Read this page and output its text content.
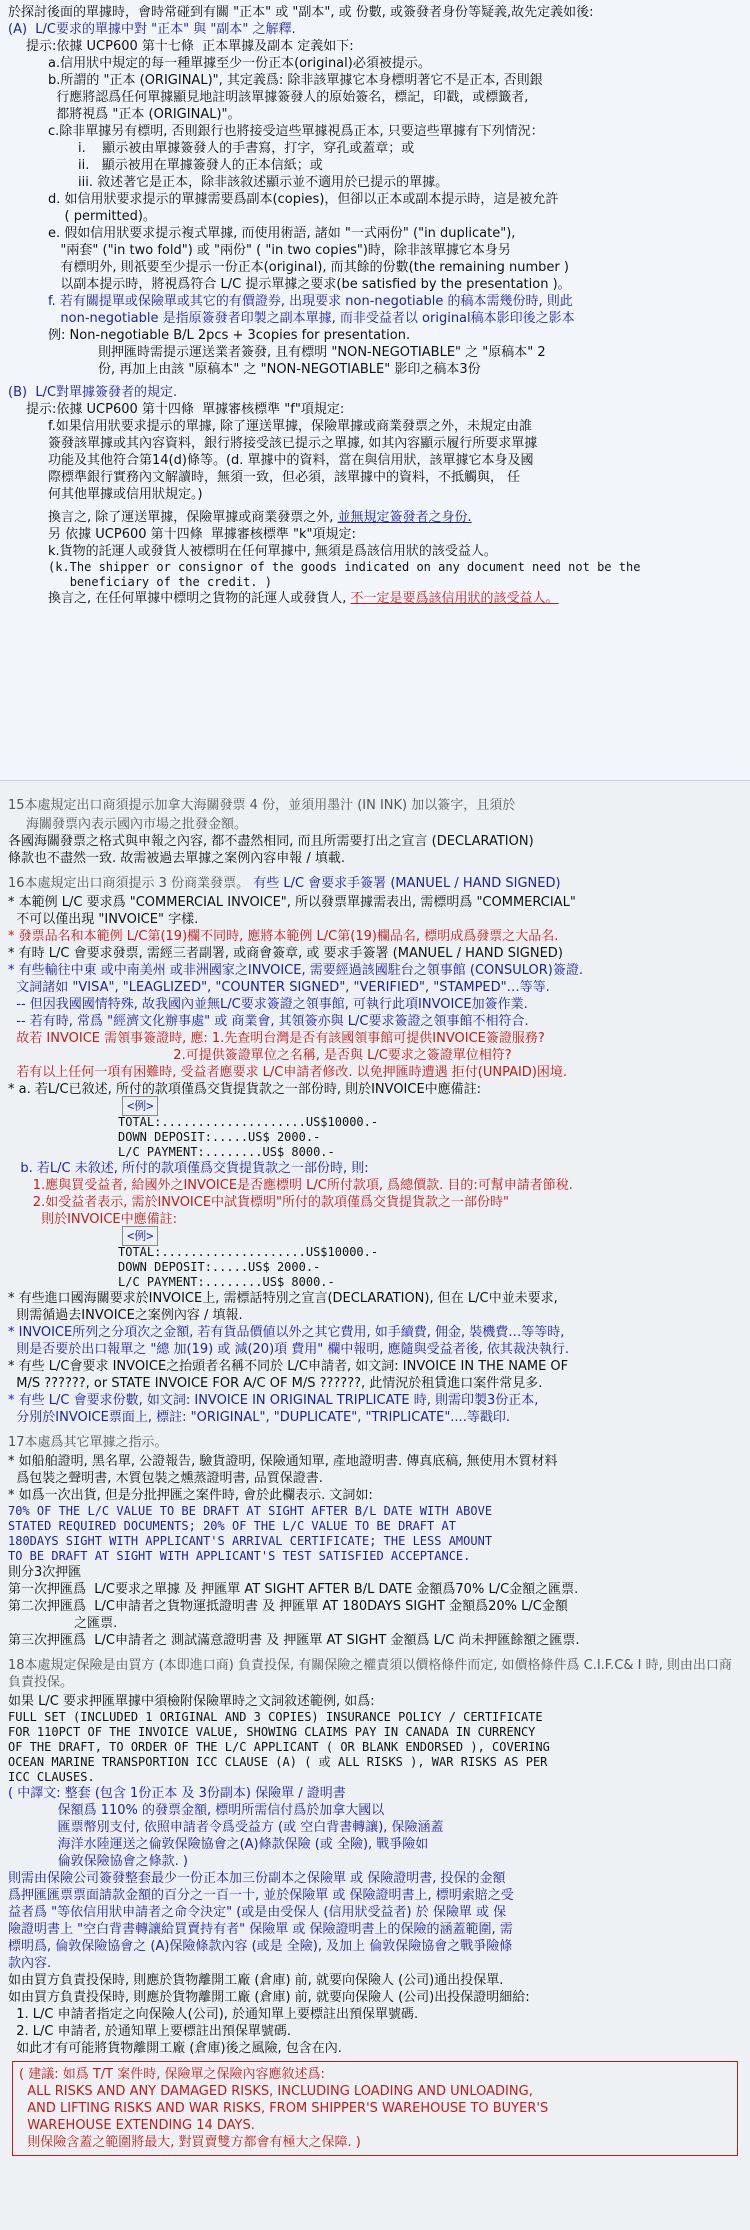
於探討後面的單據時，會時常碰到有關 "正本" 或 "副本", 或 份數, 或簽發者身份等疑義,故先定義如後:

(A)  L/C要求的單據中對 "正本" 與 "副本" 之解釋.

提示:依據 UCP600 第十七條  正本單據及副本 定義如下:

a.信用狀中規定的每一種單據至少一份正本(original)必須被提示。

b.所謂的 "正本 (ORIGINAL)", 其定義爲: 除非該單據它本身標明著它不是正本, 否則銀
行應將認爲任何單據顯見地註明該單據簽發人的原始簽名，標記，印戳，或標籤者,
都將視爲 "正本 (ORIGINAL)"。

c.除非單據另有標明, 否則銀行也將接受這些單據視爲正本, 只要這些單據有下列情況：

i.    顯示被由單據簽發人的手書寫，打字，穿孔或蓋章；或

ii.   顯示被用在單據簽發人的正本信紙；或

iii. 敘述著它是正本，除非該敘述顯示並不適用於已提示的單據。

d. 如信用狀要求提示的單據需要爲副本(copies)，但卻以正本或副本提示時，這是被允許
( permitted)。

e. 假如信用狀要求提示複式單據, 而使用術語, 諸如 "一式兩份" ("in duplicate"),
"兩套" ("in two fold") 或 "兩份" ( "in two copies")時，除非該單據它本身另
有標明外, 則祇要至少提示一份正本(original), 而其餘的份數(the remaining number )
以副本提示時，將視爲符合 L/C 提示單據之要求(be satisfied by the presentation )。

f. 若有關提單或保險單或其它的有價證券, 出現要求 non-negotiable 的稿本需幾份時, 則此
non-negotiable 是指原簽發者印製之副本單據, 而非受益者以 original稿本影印後之影本

例: Non-negotiable B/L 2pcs + 3copies for presentation.

則押匯時需提示運送業者簽發, 且有標明 "NON-NEGOTIABLE" 之 "原稿本" 2
份, 再加上由該 "原稿本" 之 "NON-NEGOTIABLE" 影印之稿本3份

(B)  L/C對單據簽發者的規定.

提示:依據 UCP600 第十四條  單據審核標準 "f"項規定:

f.如果信用狀要求提示的單據, 除了運送單據，保險單據或商業發票之外，未規定由誰
簽發該單據或其內容資料，銀行將接受該已提示之單據, 如其內容顯示履行所要求單據
功能及其他符合第14(d)條等。(d. 單據中的資料，當在與信用狀，該單據它本身及國
際標準銀行實務內文解讀時，無須一致，但必須，該單據中的資料，不抵觸與， 任
何其他單據或信用狀規定。)

換言之, 除了運送單據，保險單據或商業發票之外, 並無規定簽發者之身份.

另 依據 UCP600 第十四條  單據審核標準 "k"項規定:

k.貨物的託運人或發貨人被標明在任何單據中, 無須是爲該信用狀的該受益人。

(k.The shipper or consignor of the goods indicated on any document need not be the
beneficiary of the credit. )

換言之, 在任何單據中標明之貨物的託運人或發貨人, 不一定是要爲該信用狀的該受益人。

15本處規定出口商須提示加拿大海關發票 4 份，並須用墨汁 (IN INK) 加以簽字，且須於

海關發票內表示國內市場之批發金額。

各國海關發票之格式與申報之內容, 都不盡然相同, 而且所需要打出之宣言 (DECLARATION)
條款也不盡然一致. 故需被過去單據之案例內容申報 / 填載.

16本處規定出口商須提示 3 份商業發票。 有些 L/C 會要求手簽署 (MANUEL / HAND SIGNED)

* 本範例 L/C 要求爲 "COMMERCIAL INVOICE", 所以發票單據需表出, 需標明爲 "COMMERCIAL"
不可以僅出現 "INVOICE" 字樣.

* 發票品名和本範例 L/C第(19)欄不同時, 應將本範例 L/C第(19)欄品名, 標明成爲發票之大品名.

* 有時 L/C 會要求發票, 需經三者副署, 或商會簽章, 或 要求手簽署 (MANUEL / HAND SIGNED)

* 有些輸往中東 或中南美州 或非洲國家之INVOICE, 需要經過該國駐台之領事館 (CONSULOR)簽證.
文詞諸如 "VISA", "LEAGLIZED", "COUNTER SIGNED", "VERIFIED", "STAMPED"…等等.
-- 但因我國國情特殊, 故我國內並無L/C要求簽證之領事館, 可執行此項INVOICE加簽作業.
-- 若有時, 常爲 "經濟文化辦事處" 或 商業會, 其領簽亦與 L/C要求簽證之領事館不相符合.

故若 INVOICE 需領事簽證時, 應: 1.先查明台灣是否有該國領事館可提供INVOICE簽證服務?
2.可提供簽證單位之名稱, 是否與 L/C要求之簽證單位相符?
若有以上任何一項有困難時, 受益者應要求 L/C申請者修改. 以免押匯時遭遇 拒付(UNPAID)困境.

* a. 若L/C已敘述, 所付的款項僅爲交貨提貨款之一部份時, 則於INVOICE中應備註:

<例>

TOTAL:....................US$10000.-
DOWN DEPOSIT:.....US$ 2000.-
L/C PAYMENT:........US$ 8000.-

b. 若L/C 未敘述, 所付的款項僅爲交貨提貨款之一部份時, 則:

1.應與買受益者, 給國外之INVOICE是否應標明 L/C所付款項, 爲總價款. 目的:可幫申請者節稅.
2.如受益者表示, 需於INVOICE中試貨標明"所付的款項僅爲交貨提貨款之一部份時"
則於INVOICE中應備註:

<例>

TOTAL:....................US$10000.-
DOWN DEPOSIT:.....US$ 2000.-
L/C PAYMENT:........US$ 8000.-

* 有些進口國海關要求於INVOICE上, 需標話特別之宣言(DECLARATION), 但在 L/C中並未要求,
則需循過去INVOICE之案例內容 / 填報.

* INVOICE所列之分項次之金額, 若有貨品價値以外之其它費用, 如手續費, 佣金, 裝機費…等等時,
則是否要於出口報單之 "總 加(19) 或 減(20)項 費用" 欄中報明, 應隨與受益者後, 依其裁決執行.

* 有些 L/C會要求 INVOICE之抬頭者名稱不同於 L/C申請者, 如文詞: INVOICE IN THE NAME OF
M/S ??????, or STATE INVOICE FOR A/C OF M/S ??????, 此情況於租賃進口案件常見多.

* 有些 L/C 會要求份數, 如文詞: INVOICE IN ORIGINAL TRIPLICATE 時, 則需印製3份正本,
分別於INVOICE票面上, 標註: "ORIGINAL", "DUPLICATE", "TRIPLICATE"....等戳印.

17本處爲其它單據之指示。

* 如船舶證明, 黑名單, 公證報告, 驗貨證明, 保險通知單, 產地證明書. 傳真底稿, 無使用木質材料
爲包裝之聲明書, 木質包裝之燻蒸證明書, 品質保證書.

* 如爲一次出貨, 但是分批押匯之案件時, 會於此欄表示. 文詞如:

70% OF THE L/C VALUE TO BE DRAFT AT SIGHT AFTER B/L DATE WITH ABOVE
STATED REQUIRED DOCUMENTS; 20% OF THE L/C VALUE TO BE DRAFT AT
180DAYS SIGHT WITH APPLICANT'S ARRIVAL CERTIFICATE; THE LESS AMOUNT
TO BE DRAFT AT SIGHT WITH APPLICANT'S TEST SATISFIED ACCEPTANCE.

則分3次押匯

第一次押匯爲  L/C要求之單據 及 押匯單 AT SIGHT AFTER B/L DATE 金額爲70% L/C金額之匯票.
第二次押匯爲  L/C申請者之貨物運抵證明書 及 押匯單 AT 180DAYS SIGHT 金額爲20% L/C金額
之匯票.
第三次押匯爲  L/C申請者之 測試滿意證明書 及 押匯單 AT SIGHT 金額爲 L/C 尚未押匯餘額之匯票.

18本處規定保險是由買方 (本即進口商) 負責投保, 有關保險之權責須以價格條件而定, 如價格條件爲 C.I.F.C& I 時, 則由出口商負責投保。

如果 L/C 要求押匯單據中須檢附保險單時之文詞敘述範例, 如爲:

FULL SET (INCLUDED 1 ORIGINAL AND 3 COPIES) INSURANCE POLICY / CERTIFICATE
FOR 110PCT OF THE INVOICE VALUE, SHOWING CLAIMS PAY IN CANADA IN CURRENCY
OF THE DRAFT, TO ORDER OF THE L/C APPLICANT ( OR BLANK ENDORSED ), COVERING
OCEAN MARINE TRANSPORTION ICC CLAUSE (A) ( 或 ALL RISKS ), WAR RISKS AS PER
ICC CLAUSES.

( 中譯文: 整套 (包含 1份正本 及 3份副本) 保險單 / 證明書
保額爲 110% 的發票金額, 標明所需信付爲於加拿大國以
匯票幣別支付, 依照申請者令爲受益方 (或 空白背書轉讓), 保險涵蓋
海洋水陸運送之倫敦保險協會之(A)條款保險 (或 全險), 戰爭險如
倫敦保險協會之條款. )

則需由保險公司簽發整套最少一份正本加三份副本之保險單 或 保險證明書, 投保的金額
爲押匯匯票票面請款金額的百分之一百一十, 並於保險單 或 保險證明書上, 標明索賠之受
益者爲 "等依信用狀申請者之命令決定" (或是由受保人 (信用狀受益者) 於 保險單 或 保
險證明書上 "空白背書轉讓給買賣持有者" 保險單 或 保險證明書上的保險的涵蓋範圍, 需
標明爲, 倫敦保險協會之 (A)保險條款內容 (或是 全險), 及加上 倫敦保險協會之戰爭險條
款內容.

如由買方負責投保時, 則應於貨物離開工廠 (倉庫) 前, 就要向保險人 (公司)通出投保單.

如由買方負責投保時, 則應於貨物離開工廠 (倉庫) 前, 就要向保險人 (公司)出投保證明細給:
1. L/C 申請者指定之向保險人(公司), 於通知單上要標註出預保單號碼.
2. L/C 申請者, 於通知單上要標註出預保單號碼.
如此才有可能將貨物離開工廠 (倉庫)後之風險, 包含在內.

( 建議: 如爲 T/T 案件時, 保險單之保險內容應敘述爲:
ALL RISKS AND ANY DAMAGED RISKS, INCLUDING LOADING AND UNLOADING,
AND LIFTING RISKS AND WAR RISKS, FROM SHIPPER'S WAREHOUSE TO BUYER'S
WAREHOUSE EXTENDING 14 DAYS.
則保險含蓋之範圍將最大, 對買賣雙方都會有極大之保障. )
